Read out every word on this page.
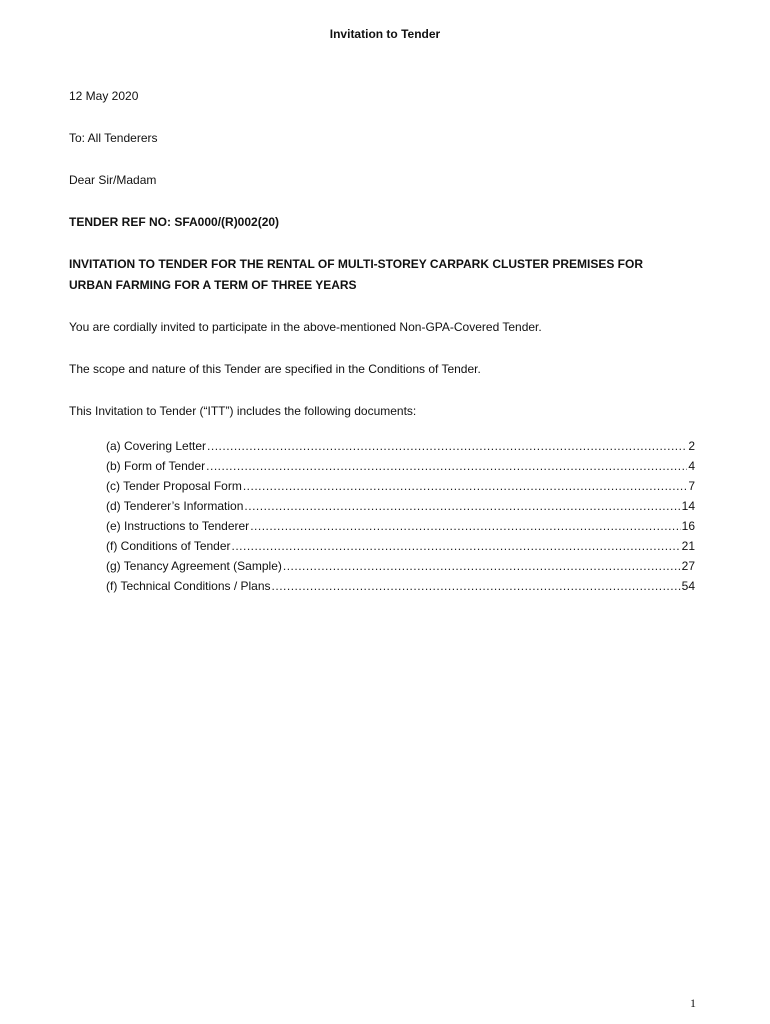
Invitation to Tender
12 May 2020
To: All Tenderers
Dear Sir/Madam
TENDER REF NO: SFA000/(R)002(20)
INVITATION TO TENDER FOR THE RENTAL OF MULTI-STOREY CARPARK CLUSTER PREMISES FOR
URBAN FARMING FOR A TERM OF THREE YEARS
You are cordially invited to participate in the above-mentioned Non-GPA-Covered Tender.
The scope and nature of this Tender are specified in the Conditions of Tender.
This Invitation to Tender (“ITT”) includes the following documents:
(a) Covering Letter .....	2
(b) Form of Tender .....	4
(c) Tender Proposal Form .....	7
(d) Tenderer’s Information .....	14
(e) Instructions to Tenderer .....	16
(f) Conditions of Tender .....	21
(g) Tenancy Agreement (Sample) .....	27
(f) Technical Conditions / Plans .....	54
1
